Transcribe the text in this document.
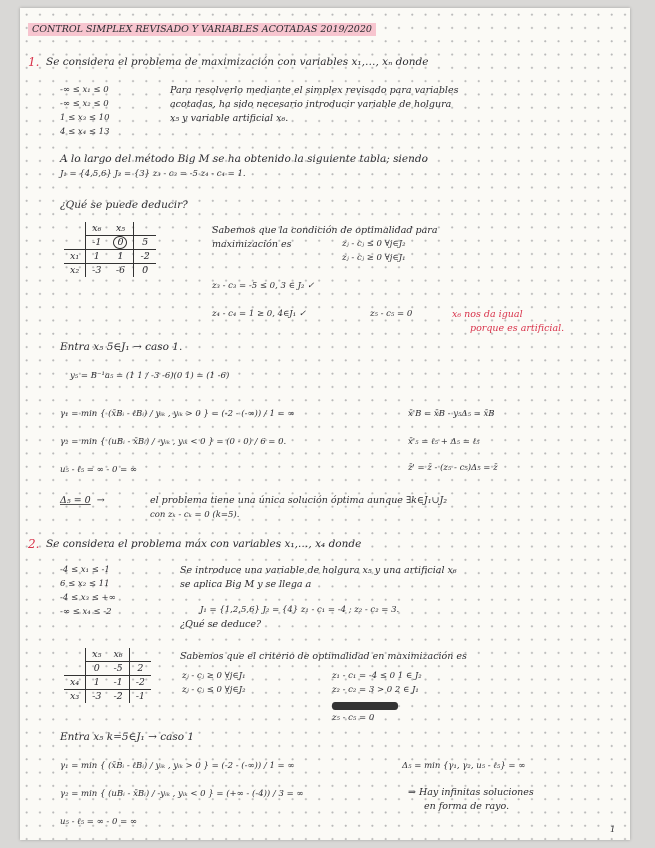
CONTROL SIMPLEX REVISADO Y VARIABLES ACOTADAS 2019/2020
1. Se considera el problema de maximización con variables x₁,…, xₙ donde
-∞ ≤ x₁ ≤ 0
-∞ ≤ x₂ ≤ 0
1 ≤ x₃ ≤ 10
4 ≤ x₄ ≤ 13
Para resolverlo mediante el simplex revisado para variables
acotadas, ha sido necesario introducir variable de holgura
x₅ y variable artificial x₆.
A lo largo del método Big M se ha obtenido la siguiente tabla; siendo
J₁ = {4,5,6} J₂ = {3} z₃ - c₃ = -5 z₄ - c₄ = 1.
¿Qué se puede deducir?
	x₆	x₅	
	-1	0	5
x₁	1	1	-2
x₂	-3	-6	0
Sabemos que la condición de optimalidad para
maximización es	zⱼ - cⱼ ≤ 0 ∀j∈J₂
zⱼ - cⱼ ≥ 0 ∀j∈J₁
z₃ - c₃ = -5 ≤ 0, 3 ∈ J₂ ✓
z₄ - c₄ = 1 ≥ 0, 4∈J₁ ✓	z₅ - c₅ = 0	x₆ nos da igual
porque es artificial.
Entra x₅ 5∈J₁ → caso 1.
y₅ = B⁻¹a₅ = (1 1 / -3 -6)(0 1) = (1 -6)
γ₁ = min { (x̄Bᵢ - ℓBᵢ) / yᵢₖ , yᵢₖ > 0 } = (-2 - (-∞)) / 1 = ∞
γ₂ = min { (uBᵢ - x̄Bᵢ) / -yᵢₖ , yᵢₖ < 0 } = (0 - 0) / 6 = 0.
u₅ - ℓ₅ = ∞ - 0 = ∞
x̄'B = x̄B - y₅Δ₅ = x̄B
x̄'₅ = ℓ₅ + Δ₅ = ℓ₅
z̄' = z̄ - (z₅ - c₅)Δ₅ = z̄
Δ₅ = 0  →	el problema tiene una única solución óptima aunque ∃k∈J₁∪J₂
con zₖ - cₖ = 0 (k=5).
2. Se considera el problema máx con variables x₁,…, x₄ donde
-4 ≤ x₁ ≤ -1
6 ≤ x₂ ≤ 11
-4 ≤ x₃ ≤ +∞
-∞ ≤ x₄ ≤ -2
Se introduce una variable de holgura x₅ y una artificial x₆
se aplica Big M y se llega a
J₁ = {1,2,5,6} J₂ = {4} z₁ - c₁ = -4 ; z₂ - c₂ = 3.
¿Qué se deduce?
	x₅	x₆	
	0	-5	2
x₄	1	-1	-2
x₃	-3	-2	-1
Sabemos que el criterio de optimalidad en maximización es
zⱼ - cⱼ ≥ 0 ∀j∈J₁
zⱼ - cⱼ ≤ 0 ∀j∈J₂
z₁ - c₁ = -4 ≤ 0 1 ∈ J₂
z₂ - c₂ = 3 > 0 2 ∈ J₁
z₅ - c₅ = 0
Entra x₅ k=5∈J₁ → caso 1
γ₁ = min { (x̄Bᵢ - ℓBᵢ) / yᵢₖ , yᵢₖ > 0 } = (-2 - (-∞)) / 1 = ∞
γ₂ = min { (uBᵢ - x̄Bᵢ) / -yᵢₖ , yᵢₖ < 0 } = (+∞ - (-4)) / 3 = ∞
u₅ - ℓ₅ = ∞ - 0 = ∞
Δ₅ = min {γ₁, γ₂, u₅ - ℓ₅} = ∞
⇒ Hay infinitas soluciones
en forma de rayo.
1
